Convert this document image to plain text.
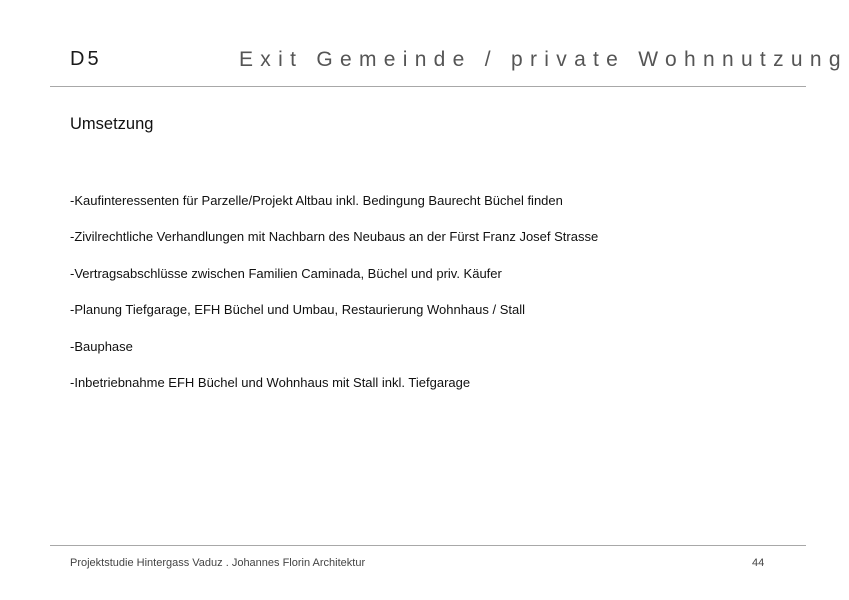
D5	Exit Gemeinde / private Wohnnutzung
Umsetzung
-Kaufinteressenten für Parzelle/Projekt Altbau inkl. Bedingung Baurecht Büchel finden
-Zivilrechtliche Verhandlungen mit Nachbarn des Neubaus an der Fürst Franz Josef Strasse
-Vertragsabschlüsse zwischen Familien Caminada, Büchel und priv. Käufer
-Planung Tiefgarage, EFH Büchel und Umbau, Restaurierung Wohnhaus / Stall
-Bauphase
-Inbetriebnahme EFH Büchel und Wohnhaus mit Stall inkl. Tiefgarage
Projektstudie Hintergass Vaduz . Johannes Florin Architektur	44
